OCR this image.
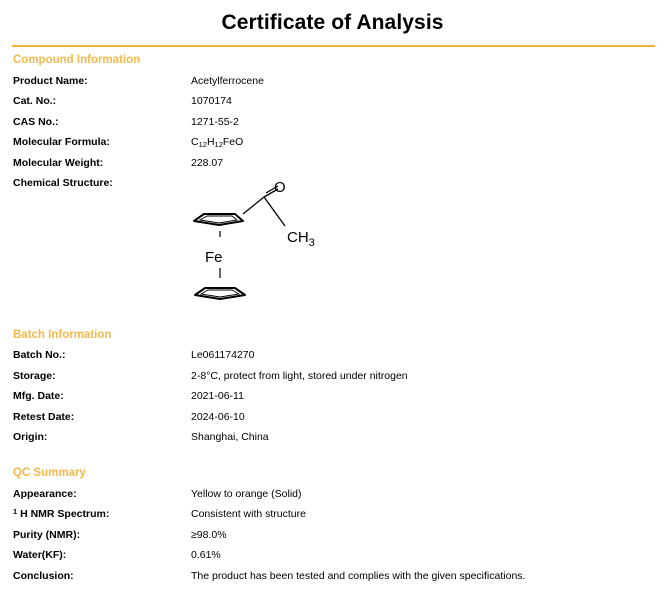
Certificate of Analysis
Compound Information
Product Name:	Acetylferrocene
Cat. No.:	1070174
CAS No.:	1271-55-2
Molecular Formula:	$C_{12}H_{12}FeO$
Molecular Weight:	228.07
Chemical Structure:	O
$CH_3$
Fe
Batch Information
Batch No.:	Le061174270
Storage:	2-8°C, protect from light, stored under nitrogen
Mfg. Date:	2021-06-11
Retest Date:	2024-06-10
Origin:	Shanghai, China
QC Summary
Appearance:	Yellow to orange (Solid)
$^1$ H NMR Spectrum:	Consistent with structure
Purity (NMR):	≥98.0%
Water(KF):	0.61%
Conclusion:	The product has been tested and complies with the given specifications.
